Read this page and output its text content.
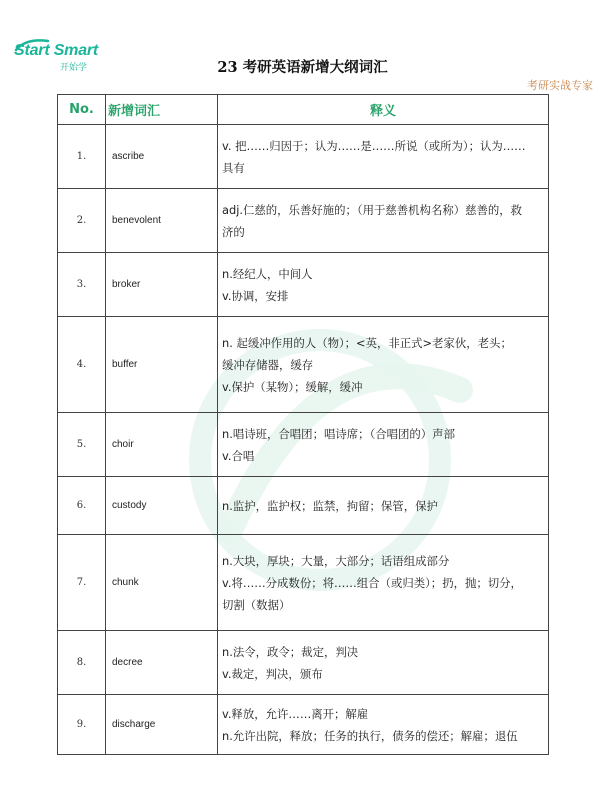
Start Smart
开始学	23 考研英语新增大纲词汇
考研实战专家
No.	新增词汇	释义
1.	ascribe	v. 把……归因于；认为……是……所说（或所为）；认为……
具有

2.	benevolent	adj.仁慈的，乐善好施的；（用于慈善机构名称）慈善的，救
济的

3.	broker	n.经纪人，中间人
v.协调，安排

4.	buffer	n. 起缓冲作用的人（物）；<英，非正式>老家伙，老头；
缓冲存储器，缓存
v.保护（某物）；缓解，缓冲

5.	choir	n.唱诗班，合唱团；唱诗席；（合唱团的）声部
v.合唱

6.	custody	n.监护，监护权；监禁，拘留；保管，保护

7.	chunk	n.大块，厚块；大量，大部分；话语组成部分
v.将……分成数份；将……组合（或归类）；扔，抛；切分，
切割（数据）

8.	decree	n.法令，政令；裁定，判决
v.裁定，判决，颁布

9.	discharge	v.释放，允许……离开；解雇
n.允许出院，释放；任务的执行，债务的偿还；解雇；退伍
